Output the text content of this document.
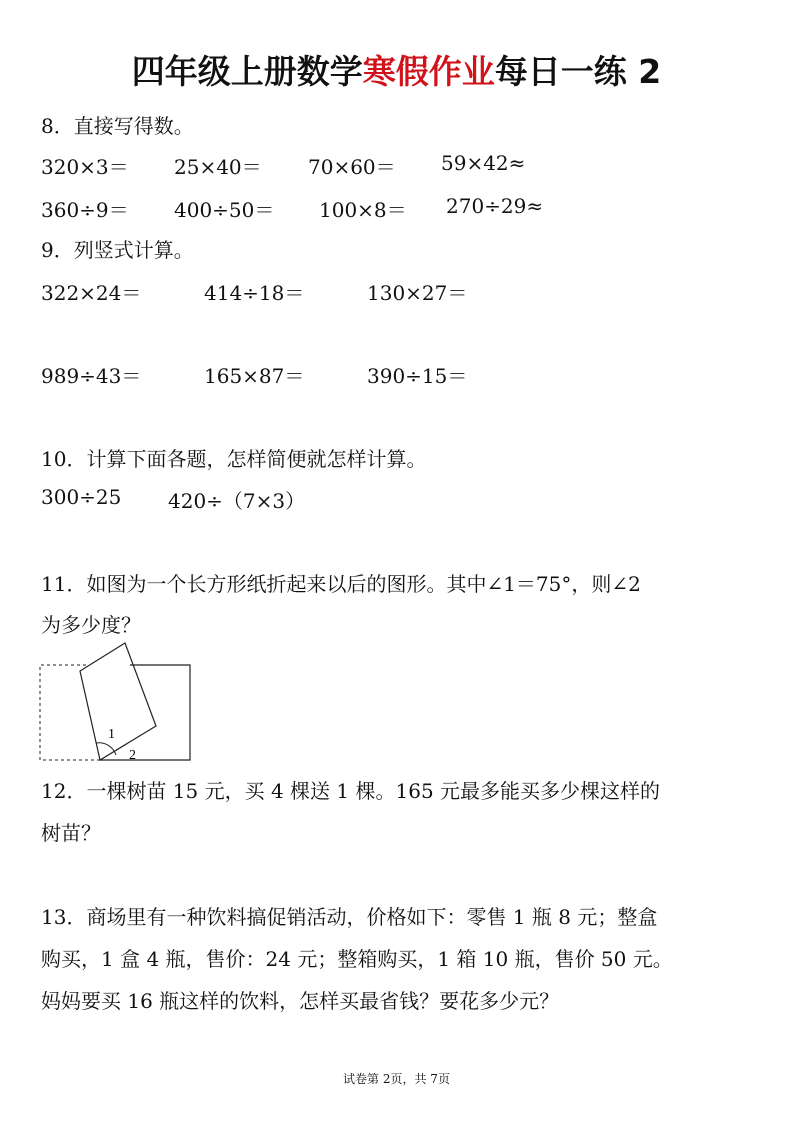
四年级上册数学寒假作业每日一练 2
8．直接写得数。
320×3＝ 25×40＝ 70×60＝ 59×42≈
360÷9＝ 400÷50＝ 100×8＝ 270÷29≈
9．列竖式计算。
322×24＝	414÷18＝	130×27＝
989÷43＝	165×87＝	390÷15＝
10．计算下面各题，怎样简便就怎样计算。
300÷25 420÷（7×3）
11．如图为一个长方形纸折起来以后的图形。其中∠1＝75°，则∠2
为多少度？
1
2
12．一棵树苗 15 元，买 4 棵送 1 棵。165 元最多能买多少棵这样的
树苗？
13．商场里有一种饮料搞促销活动，价格如下：零售 1 瓶 8 元；整盒
购买，1 盒 4 瓶，售价：24 元；整箱购买，1 箱 10 瓶，售价 50 元。
妈妈要买 16 瓶这样的饮料，怎样买最省钱？要花多少元？
试卷第 2页，共 7页
